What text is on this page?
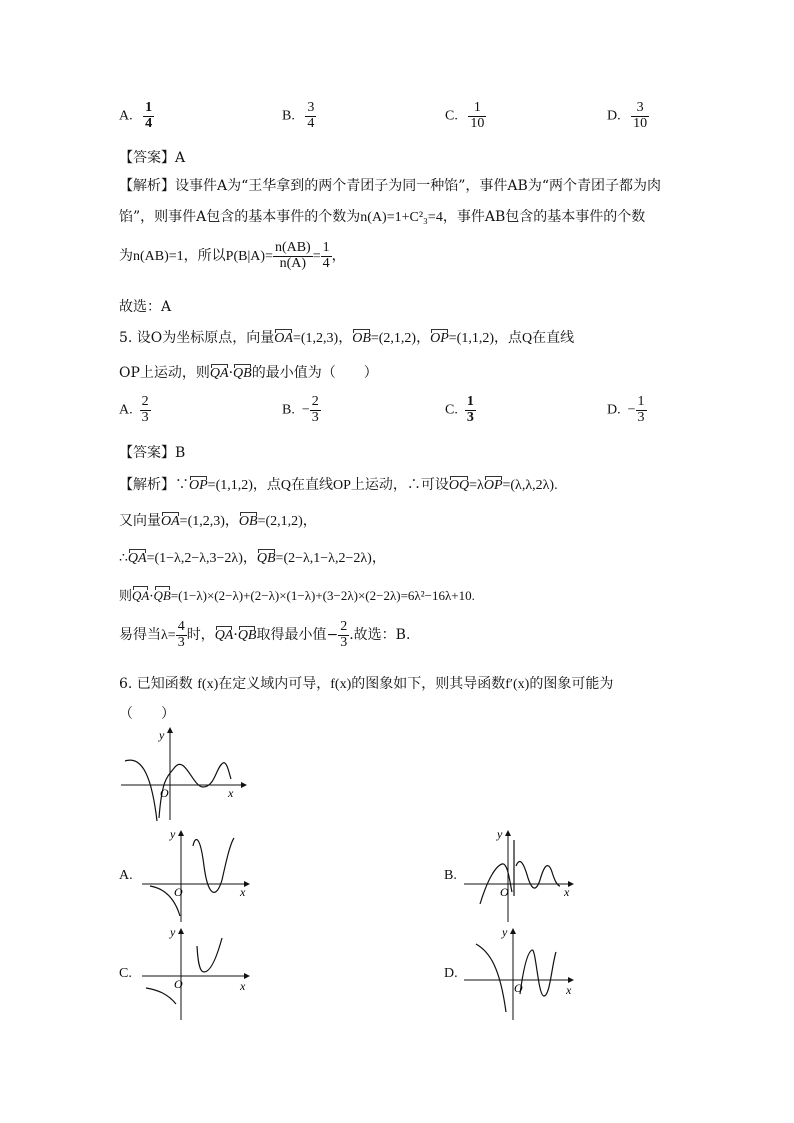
A. $\frac{1}{4}$	B. $\frac{3}{4}$	C. $\frac{1}{10}$	D. $\frac{3}{10}$
【答案】A
【解析】设事件A为“王华拿到的两个青团子为同一种馅”，事件AB为“两个青团子都为肉
馅”，则事件A包含的基本事件的个数为n(A)=1+C²₃=4，事件AB包含的基本事件的个数
为n(AB)=1，所以$P(B|A)= \frac{n(AB)}{n(A)} = \frac{1}{4}$ ，
故选：A
5. 设O为坐标原点，向量OA=(1,2,3)，OB=(2,1,2)，OP=(1,1,2)，点Q在直线
OP上运动，则QA·QB的最小值为（　　）
A. $\frac{2}{3}$	B. − $\frac{2}{3}$	C. $\frac{1}{3}$	D. − $\frac{1}{3}$
【答案】B
【解析】∵OP=(1,1,2)，点Q在直线OP上运动，∴可设OQ=λOP=(λ,λ,2λ).
又向量OA=(1,2,3)，OB=(2,1,2)，
∴QA=(1−λ,2−λ,3−2λ)，QB=(2−λ,1−λ,2−2λ)，
则QA·QB=(1−λ)×(2−λ)+(2−λ)×(1−λ)+(3−2λ)×(2−2λ)=6λ²−16λ+10.
易得当$\lambda= \frac{4}{3}$ 时，QA·QB取得最小值− $\frac{2}{3}$ .故选：B.
6. 已知函数 f(x)在定义域内可导，f(x)的图象如下，则其导函数f′(x)的图象可能为
（　　）
y
x
O
A.
y
x
O
B.
y
x
O
C.
y
x
O
D.
y
x
O
